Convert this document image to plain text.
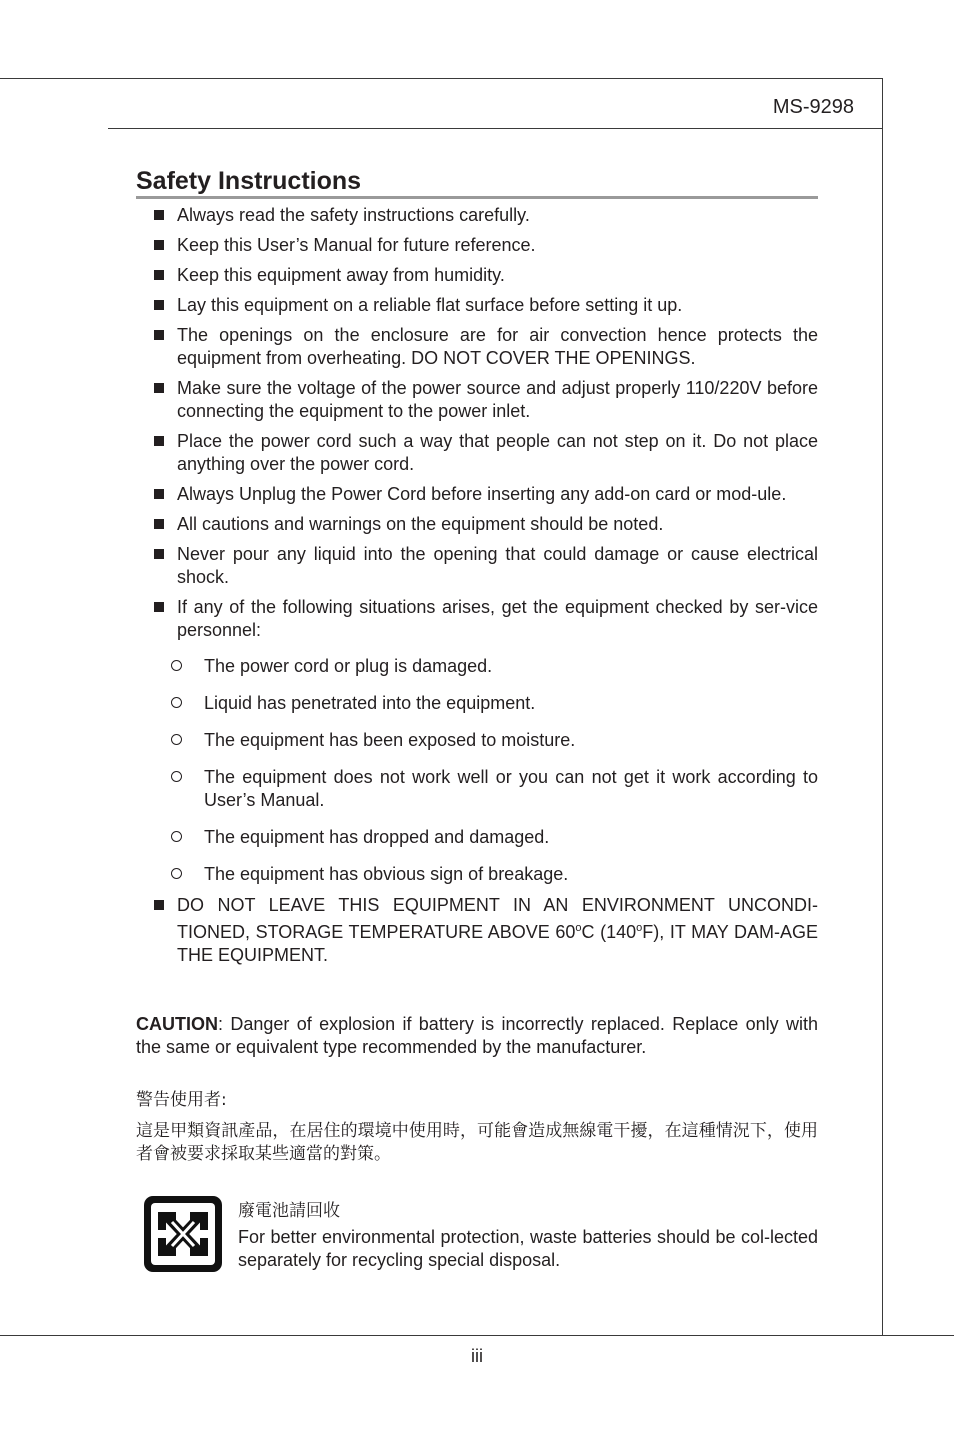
MS-9298
Safety Instructions
Always read the safety instructions carefully.
Keep this User’s Manual for future reference.
Keep this equipment away from humidity.
Lay this equipment on a reliable flat surface before setting it up.
The openings on the enclosure are for air convection hence protects the equipment from overheating. DO NOT COVER THE OPENINGS.
Make sure the voltage of the power source and adjust properly 110/220V before connecting the equipment to the power inlet.
Place the power cord such a way that people can not step on it. Do not place anything over the power cord.
Always Unplug the Power Cord before inserting any add-on card or mod-ule.
All cautions and warnings on the equipment should be noted.
Never pour any liquid into the opening that could damage or cause electrical shock.
If any of the following situations arises, get the equipment checked by ser-vice personnel:
The power cord or plug is damaged.
Liquid has penetrated into the equipment.
The equipment has been exposed to moisture.
The equipment does not work well or you can not get it work according to User’s Manual.
The equipment has dropped and damaged.
The equipment has obvious sign of breakage.
DO NOT LEAVE THIS EQUIPMENT IN AN ENVIRONMENT UNCONDI-TIONED, STORAGE TEMPERATURE ABOVE 60$^o$C (140$^o$F), IT MAY DAM-AGE THE EQUIPMENT.
CAUTION: Danger of explosion if battery is incorrectly replaced. Replace only with the same or equivalent type recommended by the manufacturer.
警告使用者:
這是甲類資訊產品，在居住的環境中使用時，可能會造成無線電干擾，在這種情況下，使用者會被要求採取某些適當的對策。
廢電池請回收
For better environmental protection, waste batteries should be col-lected separately for recycling special disposal.
iii
